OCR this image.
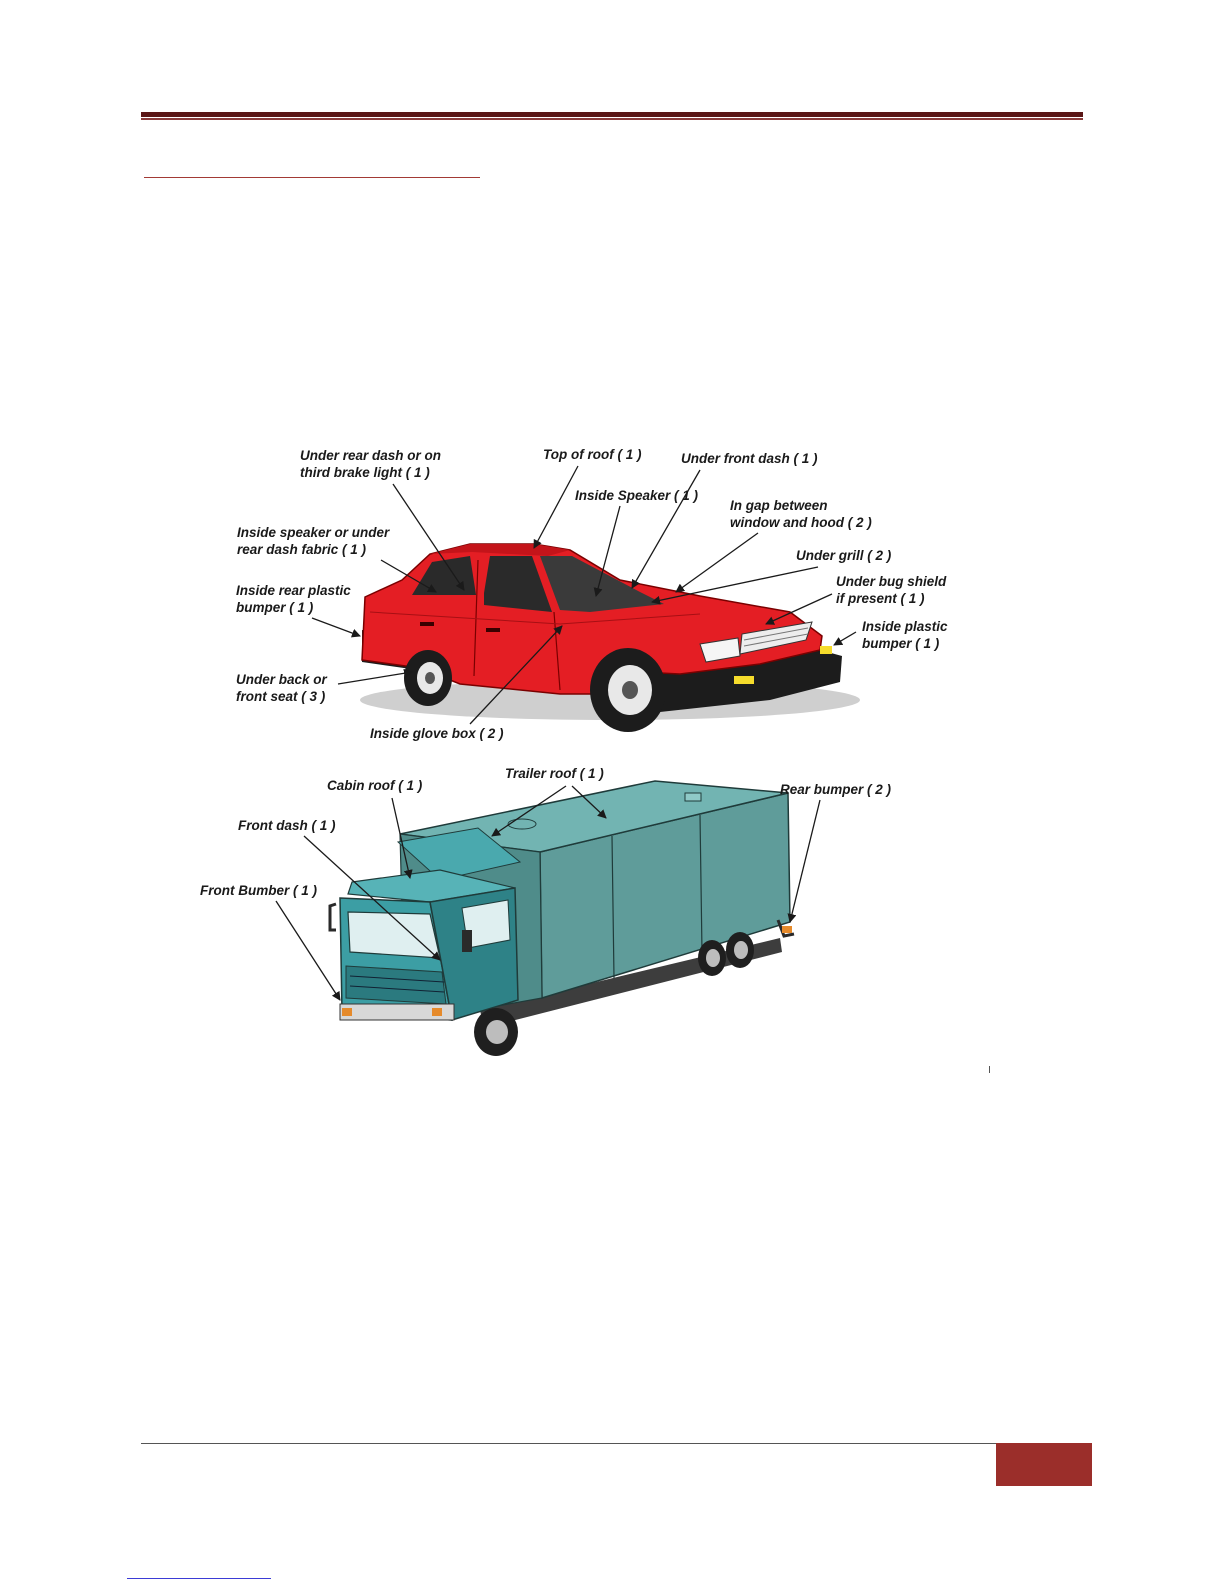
Under rear dash or on third brake light ( 1 )
Top of roof ( 1 )	Under front dash ( 1 )
Inside Speaker ( 1 )
In gap between window and hood ( 2 )
Inside speaker or under rear dash fabric ( 1 )	Under grill ( 2 )
Inside rear plastic bumper ( 1 )
Under bug shield if present ( 1 )
Inside plastic bumper ( 1 )
Under back or front seat ( 3 )
Inside glove box ( 2 )
Trailer roof ( 1 )
Cabin roof ( 1 )	Rear bumper ( 2 )
Front dash ( 1 )
Front Bumber ( 1 )
